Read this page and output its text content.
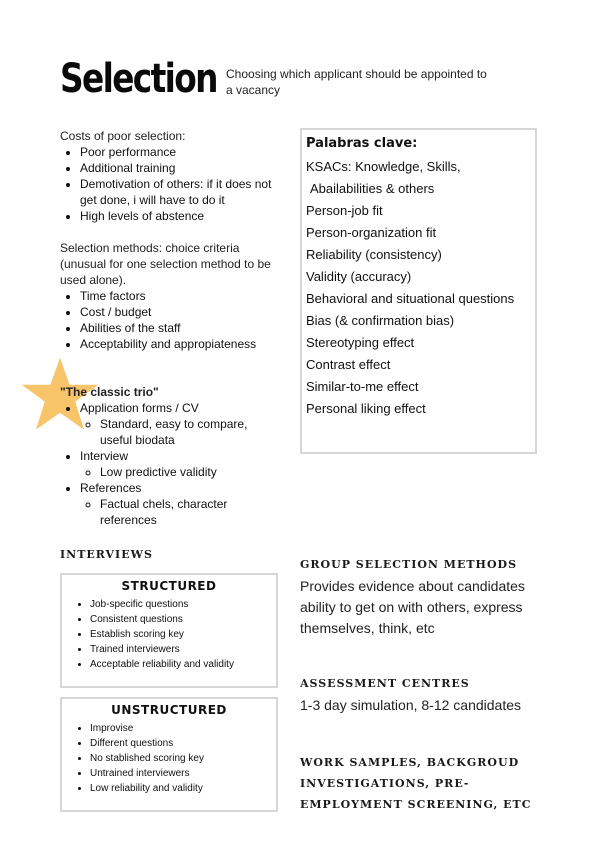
Selection Choosing which applicant should be appointed to a vacancy
Costs of poor selection:
• Poor performance
• Additional training
• Demotivation of others: if it does not get done, i will have to do it
• High levels of abstence
Selection methods: choice criteria (unusual for one selection method to be used alone).
• Time factors
• Cost / budget
• Abilities of the staff
• Acceptability and appropiateness
"The classic trio"
• Application forms / CV
◦ Standard, easy to compare, useful biodata
• Interview
◦ Low predictive validity
• References
◦ Factual chels, character references
Palabras clave:
KSACs: Knowledge, Skills,
Abailabilities & others
Person-job fit
Person-organization fit
Reliability (consistency)
Validity (accuracy)
Behavioral and situational questions
Bias (& confirmation bias)
Stereotyping effect
Contrast effect
Similar-to-me effect
Personal liking effect
INTERVIEWS
STRUCTURED
• Job-specific questions
• Consistent questions
• Establish scoring key
• Trained interviewers
• Acceptable reliability and validity
UNSTRUCTURED
• Improvise
• Different questions
• No stablished scoring key
• Untrained interviewers
• Low reliability and validity
GROUP SELECTION METHODS
Provides evidence about candidates ability to get on with others, express themselves, think, etc
ASSESSMENT CENTRES
1-3 day simulation, 8-12 candidates
WORK SAMPLES, BACKGROUD INVESTIGATIONS, PRE-EMPLOYMENT SCREENING, ETC
